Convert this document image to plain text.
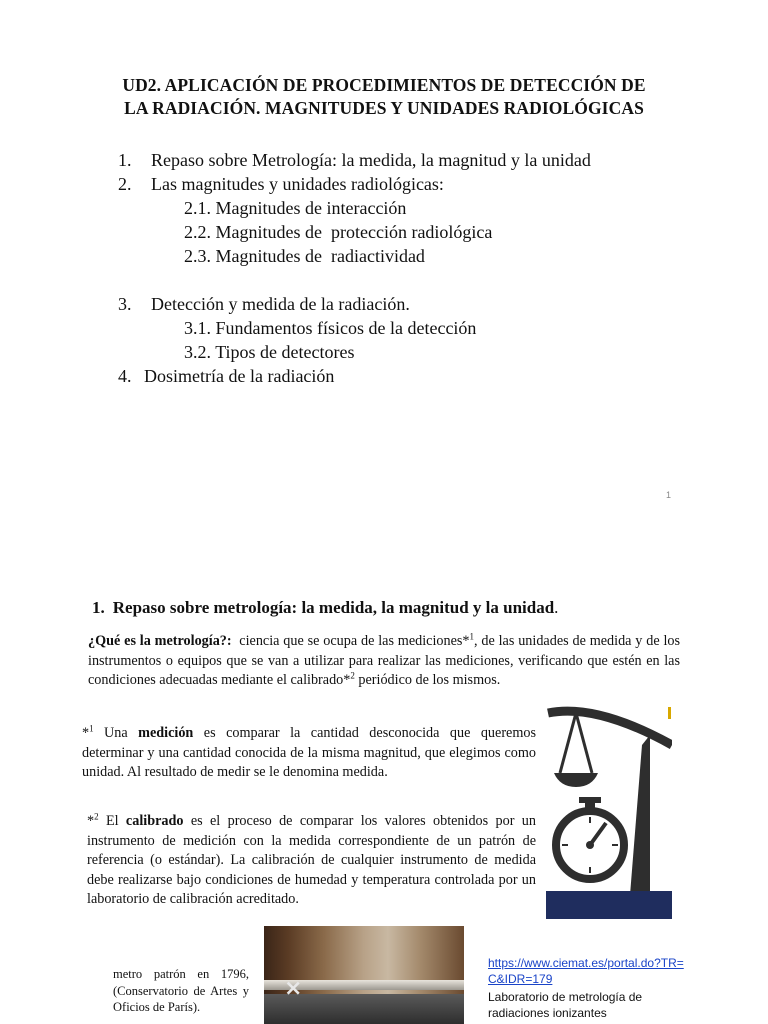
UD2. APLICACIÓN DE PROCEDIMIENTOS DE DETECCIÓN DE
LA RADIACIÓN. MAGNITUDES Y UNIDADES RADIOLÓGICAS
1. Repaso sobre Metrología: la medida, la magnitud y la unidad
2. Las magnitudes y unidades radiológicas:
2.1. Magnitudes de interacción
2.2. Magnitudes de  protección radiológica
2.3. Magnitudes de  radiactividad
3. Detección y medida de la radiación.
3.1. Fundamentos físicos de la detección
3.2. Tipos de detectores
4. Dosimetría de la radiación
1
1. Repaso sobre metrología: la medida, la magnitud y la unidad.
¿Qué es la metrología?:  ciencia que se ocupa de las mediciones*$^1$, de las unidades de medida y de los instrumentos o equipos que se van a utilizar para realizar las mediciones, verificando que estén en las condiciones adecuadas mediante el calibrado*$^2$ periódico de los mismos.
*$^1$ Una medición es comparar la cantidad desconocida que queremos determinar y una cantidad conocida de la misma magnitud, que elegimos como unidad. Al resultado de medir se le denomina medida.
*$^2$ El calibrado es el proceso de comparar los valores obtenidos por un instrumento de medición con la medida correspondiente de un patrón de referencia (o estándar). La calibración de cualquier instrumento de medida debe realizarse bajo condiciones de humedad y temperatura controlada por un laboratorio de calibración acreditado.
⨯
metro patrón en 1796, (Conservatorio de Artes y Oficios de París).
https://www.ciemat.es/portal.do?TR=C&IDR=179
Laboratorio de metrología de radiaciones ionizantes
